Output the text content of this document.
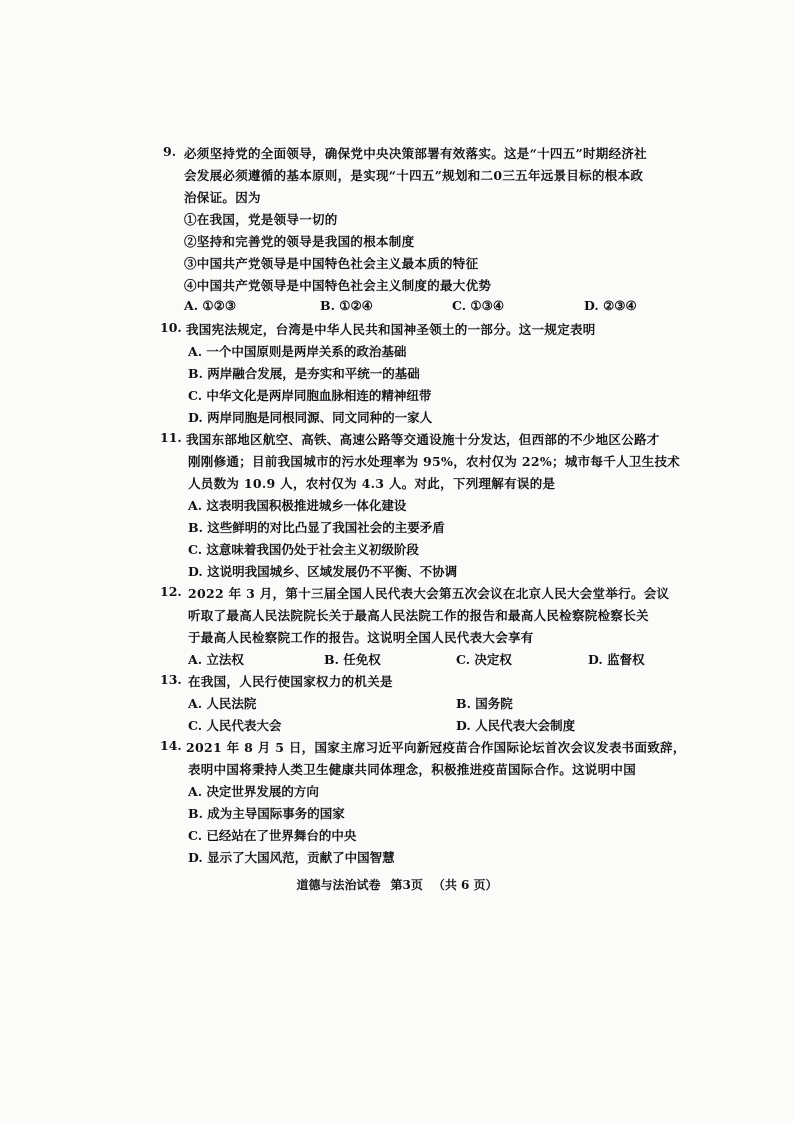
9. 必须坚持党的全面领导，确保党中央决策部署有效落实。这是“十四五”时期经济社
会发展必须遵循的基本原则，是实现“十四五”规划和二0三五年远景目标的根本政
治保证。因为
①在我国，党是领导一切的
②坚持和完善党的领导是我国的根本制度
③中国共产党领导是中国特色社会主义最本质的特征
④中国共产党领导是中国特色社会主义制度的最大优势
A. ①②③	B. ①②④	C. ①③④	D. ②③④
10. 我国宪法规定，台湾是中华人民共和国神圣领土的一部分。这一规定表明
A. 一个中国原则是两岸关系的政治基础
B. 两岸融合发展，是夯实和平统一的基础
C. 中华文化是两岸同胞血脉相连的精神纽带
D. 两岸同胞是同根同源、同文同种的一家人
11. 我国东部地区航空、高铁、高速公路等交通设施十分发达，但西部的不少地区公路才
刚刚修通；目前我国城市的污水处理率为 95%，农村仅为 22%；城市每千人卫生技术
人员数为 10.9 人，农村仅为 4.3 人。对此，下列理解有误的是
A. 这表明我国积极推进城乡一体化建设
B. 这些鲜明的对比凸显了我国社会的主要矛盾
C. 这意味着我国仍处于社会主义初级阶段
D. 这说明我国城乡、区域发展仍不平衡、不协调
12. 2022 年 3 月，第十三届全国人民代表大会第五次会议在北京人民大会堂举行。会议
听取了最高人民法院院长关于最高人民法院工作的报告和最高人民检察院检察长关
于最高人民检察院工作的报告。这说明全国人民代表大会享有
A. 立法权	B. 任免权	C. 决定权	D. 监督权
13. 在我国，人民行使国家权力的机关是
A. 人民法院	B. 国务院
C. 人民代表大会	D. 人民代表大会制度
14. 2021 年 8 月 5 日，国家主席习近平向新冠疫苗合作国际论坛首次会议发表书面致辞，
表明中国将秉持人类卫生健康共同体理念，积极推进疫苗国际合作。这说明中国
A. 决定世界发展的方向
B. 成为主导国际事务的国家
C. 已经站在了世界舞台的中央
D. 显示了大国风范，贡献了中国智慧
道德与法治试卷 第3页 （共 6 页）
